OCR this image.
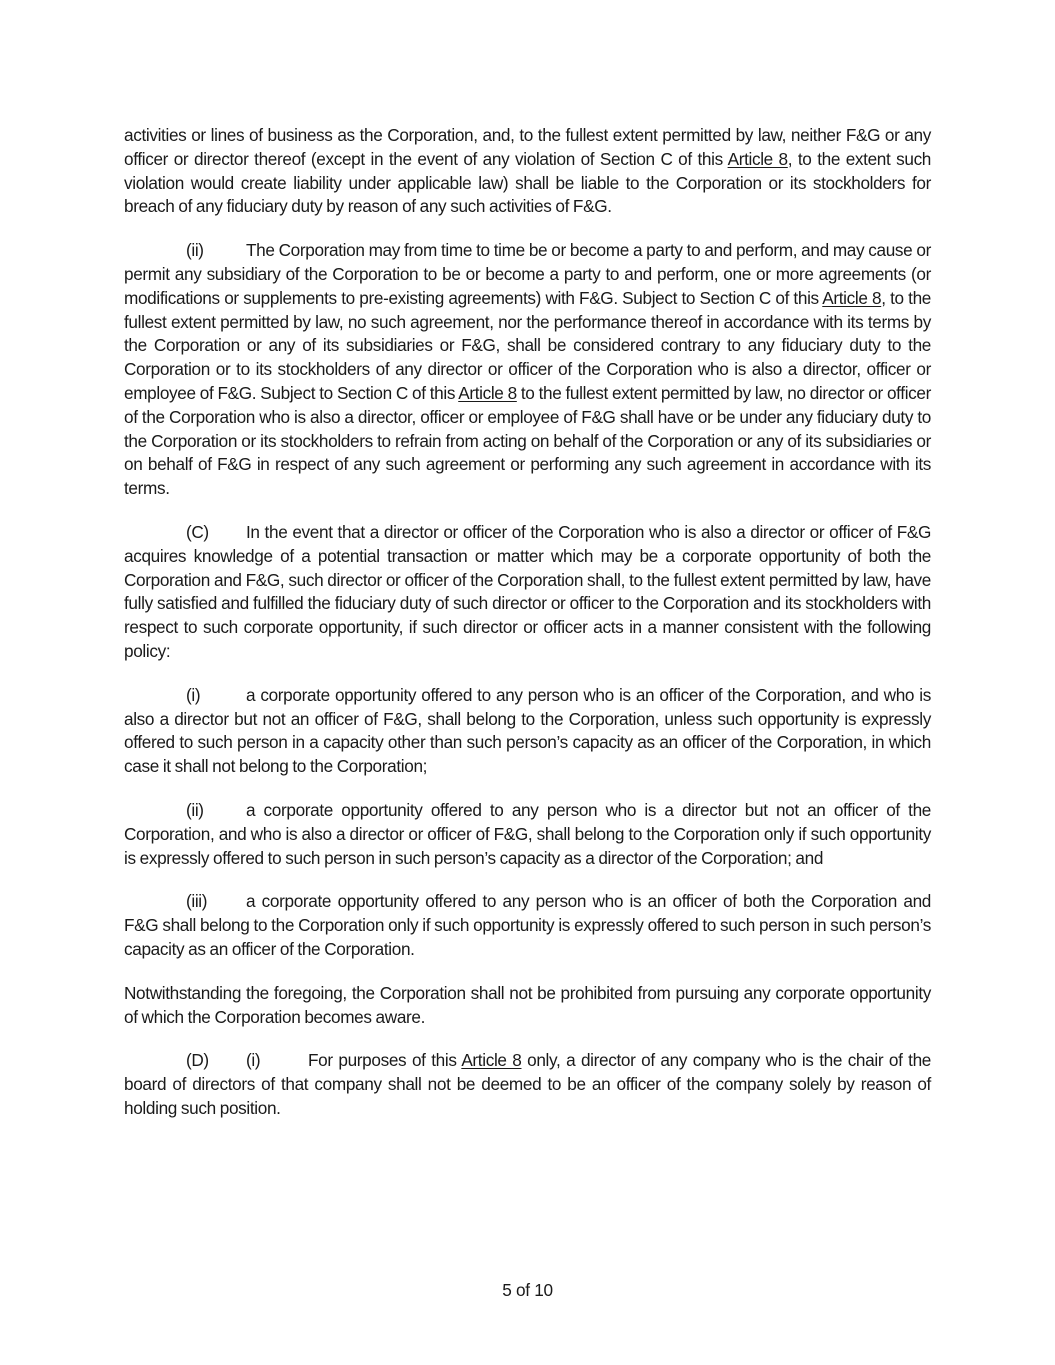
activities or lines of business as the Corporation, and, to the fullest extent permitted by law, neither F&G or any officer or director thereof (except in the event of any violation of Section C of this Article 8, to the extent such violation would create liability under applicable law) shall be liable to the Corporation or its stockholders for breach of any fiduciary duty by reason of any such activities of F&G.

(ii) The Corporation may from time to time be or become a party to and perform, and may cause or permit any subsidiary of the Corporation to be or become a party to and perform, one or more agreements (or modifications or supplements to pre-existing agreements) with F&G. Subject to Section C of this Article 8, to the fullest extent permitted by law, no such agreement, nor the performance thereof in accordance with its terms by the Corporation or any of its subsidiaries or F&G, shall be considered contrary to any fiduciary duty to the Corporation or to its stockholders of any director or officer of the Corporation who is also a director, officer or employee of F&G. Subject to Section C of this Article 8 to the fullest extent permitted by law, no director or officer of the Corporation who is also a director, officer or employee of F&G shall have or be under any fiduciary duty to the Corporation or its stockholders to refrain from acting on behalf of the Corporation or any of its subsidiaries or on behalf of F&G in respect of any such agreement or performing any such agreement in accordance with its terms.

(C) In the event that a director or officer of the Corporation who is also a director or officer of F&G acquires knowledge of a potential transaction or matter which may be a corporate opportunity of both the Corporation and F&G, such director or officer of the Corporation shall, to the fullest extent permitted by law, have fully satisfied and fulfilled the fiduciary duty of such director or officer to the Corporation and its stockholders with respect to such corporate opportunity, if such director or officer acts in a manner consistent with the following policy:

(i)	a corporate opportunity offered to any person who is an officer of the Corporation, and who is also a director but not an officer of F&G, shall belong to the Corporation, unless such opportunity is expressly offered to such person in a capacity other than such person’s capacity as an officer of the Corporation, in which case it shall not belong to the Corporation;

(ii) a corporate opportunity offered to any person who is a director but not an officer of the Corporation, and who is also a director or officer of F&G, shall belong to the Corporation only if such opportunity is expressly offered to such person in such person’s capacity as a director of the Corporation; and

(iii) a corporate opportunity offered to any person who is an officer of both the Corporation and F&G shall belong to the Corporation only if such opportunity is expressly offered to such person in such person’s capacity as an officer of the Corporation.

Notwithstanding the foregoing, the Corporation shall not be prohibited from pursuing any corporate opportunity of which the Corporation becomes aware.

(D) (i)	For purposes of this Article 8 only, a director of any company who is the chair of the board of directors of that company shall not be deemed to be an officer of the company solely by reason of holding such position.

5 of 10
